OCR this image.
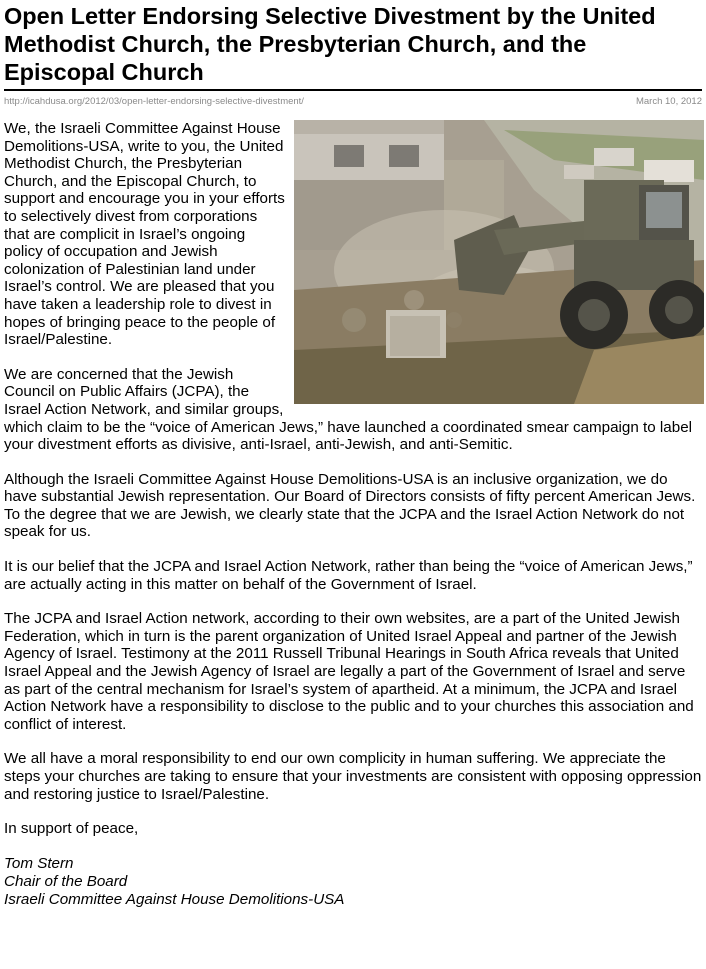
Open Letter Endorsing Selective Divestment by the United Methodist Church, the Presbyterian Church, and the Episcopal Church
http://icahdusa.org/2012/03/open-letter-endorsing-selective-divestment/	March 10, 2012

We, the Israeli Committee Against House Demolitions-USA, write to you, the United Methodist Church, the Presbyterian Church, and the Episcopal Church, to support and encourage you in your efforts to selectively divest from corporations that are complicit in Israel’s ongoing policy of occupation and Jewish colonization of Palestinian land under Israel’s control. We are pleased that you have taken a leadership role to divest in hopes of bringing peace to the people of Israel/Palestine.

We are concerned that the Jewish Council on Public Affairs (JCPA), the Israel Action Network, and similar groups, which claim to be the “voice of American Jews,” have launched a coordinated smear campaign to label your divestment efforts as divisive, anti-Israel, anti-Jewish, and anti-Semitic.

Although the Israeli Committee Against House Demolitions-USA is an inclusive organization, we do have substantial Jewish representation. Our Board of Directors consists of fifty percent American Jews. To the degree that we are Jewish, we clearly state that the JCPA and the Israel Action Network do not speak for us.

It is our belief that the JCPA and Israel Action Network, rather than being the “voice of American Jews,” are actually acting in this matter on behalf of the Government of Israel.

The JCPA and Israel Action network, according to their own websites, are a part of the United Jewish Federation, which in turn is the parent organization of United Israel Appeal and partner of the Jewish Agency of Israel. Testimony at the 2011 Russell Tribunal Hearings in South Africa reveals that United Israel Appeal and the Jewish Agency of Israel are legally a part of the Government of Israel and serve as part of the central mechanism for Israel’s system of apartheid. At a minimum, the JCPA and Israel Action Network have a responsibility to disclose to the public and to your churches this association and conflict of interest.

We all have a moral responsibility to end our own complicity in human suffering. We appreciate the steps your churches are taking to ensure that your investments are consistent with opposing oppression and restoring justice to Israel/Palestine.

In support of peace,

Tom Stern
Chair of the Board
Israeli Committee Against House Demolitions-USA
